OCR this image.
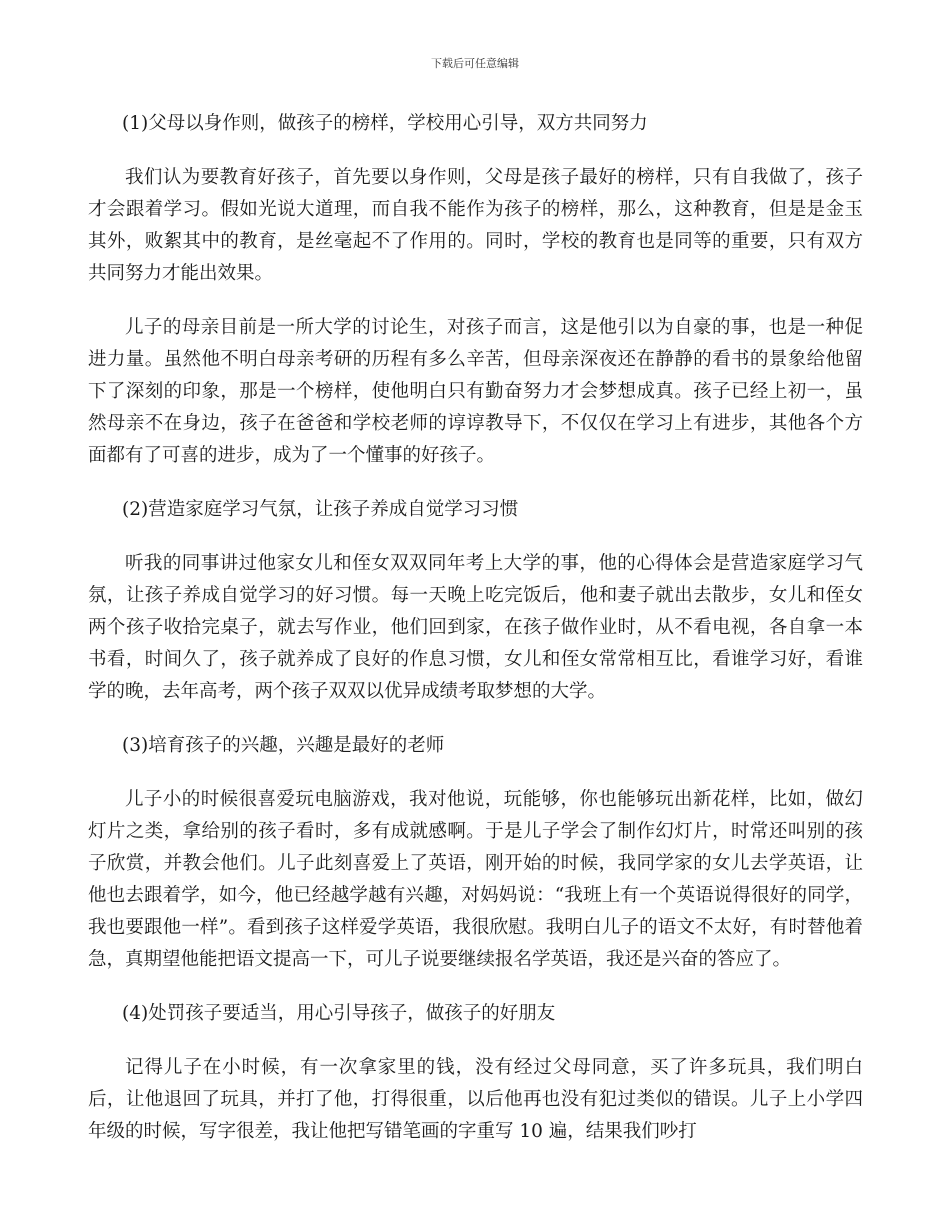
下载后可任意编辑

(1)父母以身作则，做孩子的榜样，学校用心引导，双方共同努力

我们认为要教育好孩子，首先要以身作则，父母是孩子最好的榜样，只有自我做了，孩子才会跟着学习。假如光说大道理，而自我不能作为孩子的榜样，那么，这种教育，但是是金玉其外，败絮其中的教育，是丝毫起不了作用的。同时，学校的教育也是同等的重要，只有双方共同努力才能出效果。

儿子的母亲目前是一所大学的讨论生，对孩子而言，这是他引以为自豪的事，也是一种促进力量。虽然他不明白母亲考研的历程有多么辛苦，但母亲深夜还在静静的看书的景象给他留下了深刻的印象，那是一个榜样，使他明白只有勤奋努力才会梦想成真。孩子已经上初一，虽然母亲不在身边，孩子在爸爸和学校老师的谆谆教导下，不仅仅在学习上有进步，其他各个方面都有了可喜的进步，成为了一个懂事的好孩子。

(2)营造家庭学习气氛，让孩子养成自觉学习习惯

听我的同事讲过他家女儿和侄女双双同年考上大学的事，他的心得体会是营造家庭学习气氛，让孩子养成自觉学习的好习惯。每一天晚上吃完饭后，他和妻子就出去散步，女儿和侄女两个孩子收拾完桌子，就去写作业，他们回到家，在孩子做作业时，从不看电视，各自拿一本书看，时间久了，孩子就养成了良好的作息习惯，女儿和侄女常常相互比，看谁学习好，看谁学的晚，去年高考，两个孩子双双以优异成绩考取梦想的大学。

(3)培育孩子的兴趣，兴趣是最好的老师

儿子小的时候很喜爱玩电脑游戏，我对他说，玩能够，你也能够玩出新花样，比如，做幻灯片之类，拿给别的孩子看时，多有成就感啊。于是儿子学会了制作幻灯片，时常还叫别的孩子欣赏，并教会他们。儿子此刻喜爱上了英语，刚开始的时候，我同学家的女儿去学英语，让他也去跟着学，如今，他已经越学越有兴趣，对妈妈说：“我班上有一个英语说得很好的同学，我也要跟他一样”。看到孩子这样爱学英语，我很欣慰。我明白儿子的语文不太好，有时替他着急，真期望他能把语文提高一下，可儿子说要继续报名学英语，我还是兴奋的答应了。

(4)处罚孩子要适当，用心引导孩子，做孩子的好朋友

记得儿子在小时候，有一次拿家里的钱，没有经过父母同意，买了许多玩具，我们明白后，让他退回了玩具，并打了他，打得很重，以后他再也没有犯过类似的错误。儿子上小学四年级的时候，写字很差，我让他把写错笔画的字重写 10 遍，结果我们吵打
